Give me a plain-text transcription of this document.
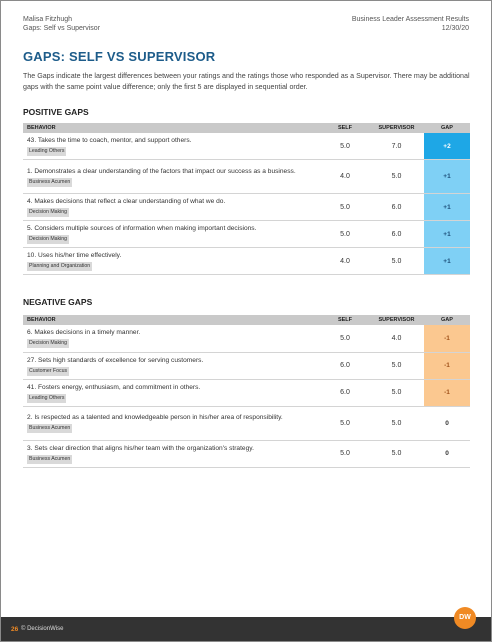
Malisa Fitzhugh
Gaps: Self vs Supervisor
Business Leader Assessment Results
12/30/20
GAPS: SELF VS SUPERVISOR
The Gaps indicate the largest differences between your ratings and the ratings those who responded as a Supervisor. There may be additional gaps with the same point value difference; only the first 5 are displayed in sequential order.
POSITIVE GAPS
BEHAVIOR	SELF	SUPERVISOR	GAP

43. Takes the time to coach, mentor, and support others.
Leading Others	5.0	7.0	+2

1. Demonstrates a clear understanding of the factors that impact our success as a business.
Business Acumen	4.0	5.0	+1

4. Makes decisions that reflect a clear understanding of what we do.
Decision Making	5.0	6.0	+1

5. Considers multiple sources of information when making important decisions.
Decision Making	5.0	6.0	+1

10. Uses his/her time effectively.
Planning and Organization	4.0	5.0	+1
NEGATIVE GAPS
BEHAVIOR	SELF	SUPERVISOR	GAP

6. Makes decisions in a timely manner.
Decision Making	5.0	4.0	-1

27. Sets high standards of excellence for serving customers.
Customer Focus	6.0	5.0	-1

41. Fosters energy, enthusiasm, and commitment in others.
Leading Others	6.0	5.0	-1

2. Is respected as a talented and knowledgeable person in his/her area of responsibility.
Business Acumen	5.0	5.0	0

3. Sets clear direction that aligns his/her team with the organization's strategy.
Business Acumen	5.0	5.0	0
26 © DecisionWise
DW
